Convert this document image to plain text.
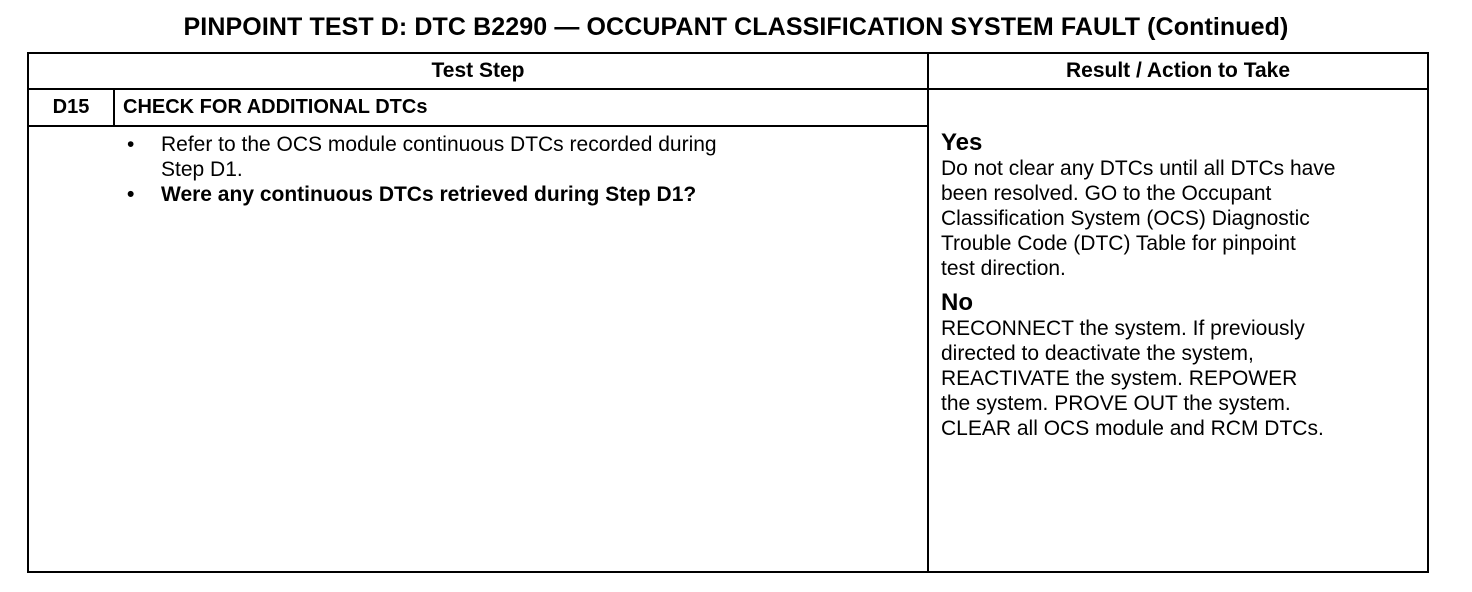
PINPOINT TEST D: DTC B2290 — OCCUPANT CLASSIFICATION SYSTEM FAULT (Continued)
Test Step	Result / Action to Take
D15	CHECK FOR ADDITIONAL DTCs
• Refer to the OCS module continuous DTCs recorded during
Step D1.
• Were any continuous DTCs retrieved during Step D1?
Yes

Do not clear any DTCs until all DTCs have

been resolved. GO to the Occupant

Classification System (OCS) Diagnostic

Trouble Code (DTC) Table for pinpoint

test direction.

No

RECONNECT the system. If previously

directed to deactivate the system,

REACTIVATE the system. REPOWER

the system. PROVE OUT the system.

CLEAR all OCS module and RCM DTCs.
